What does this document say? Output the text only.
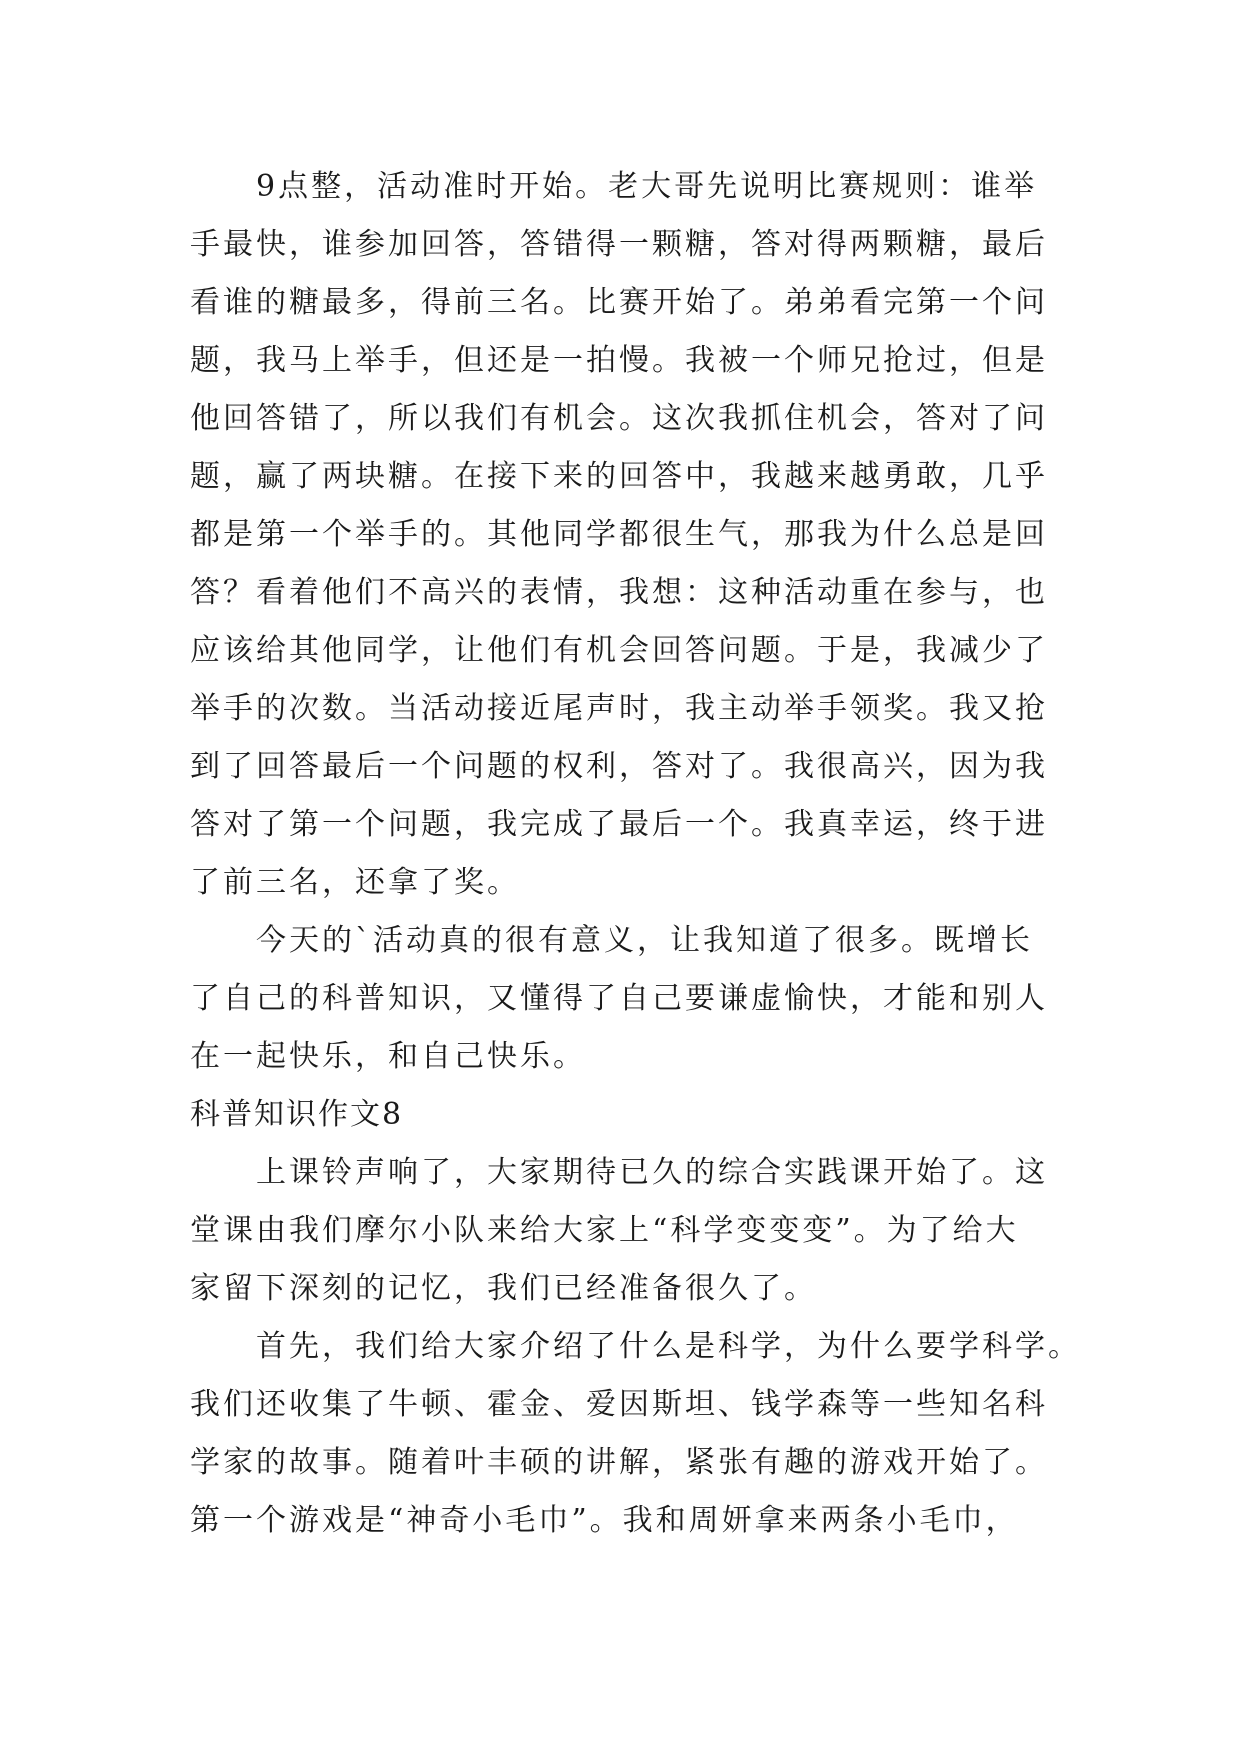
　　9点整，活动准时开始。老大哥先说明比赛规则：谁举
手最快，谁参加回答，答错得一颗糖，答对得两颗糖，最后
看谁的糖最多，得前三名。比赛开始了。弟弟看完第一个问
题，我马上举手，但还是一拍慢。我被一个师兄抢过，但是
他回答错了，所以我们有机会。这次我抓住机会，答对了问
题，赢了两块糖。在接下来的回答中，我越来越勇敢，几乎
都是第一个举手的。其他同学都很生气，那我为什么总是回
答？看着他们不高兴的表情，我想：这种活动重在参与，也
应该给其他同学，让他们有机会回答问题。于是，我减少了
举手的次数。当活动接近尾声时，我主动举手领奖。我又抢
到了回答最后一个问题的权利，答对了。我很高兴，因为我
答对了第一个问题，我完成了最后一个。我真幸运，终于进
了前三名，还拿了奖。
　　今天的`活动真的很有意义，让我知道了很多。既增长
了自己的科普知识，又懂得了自己要谦虚愉快，才能和别人
在一起快乐，和自己快乐。
科普知识作文8
　　上课铃声响了，大家期待已久的综合实践课开始了。这
堂课由我们摩尔小队来给大家上“科学变变变”。为了给大
家留下深刻的记忆，我们已经准备很久了。
　　首先，我们给大家介绍了什么是科学，为什么要学科学。
我们还收集了牛顿、霍金、爱因斯坦、钱学森等一些知名科
学家的故事。随着叶丰硕的讲解，紧张有趣的游戏开始了。
第一个游戏是“神奇小毛巾”。我和周妍拿来两条小毛巾，
